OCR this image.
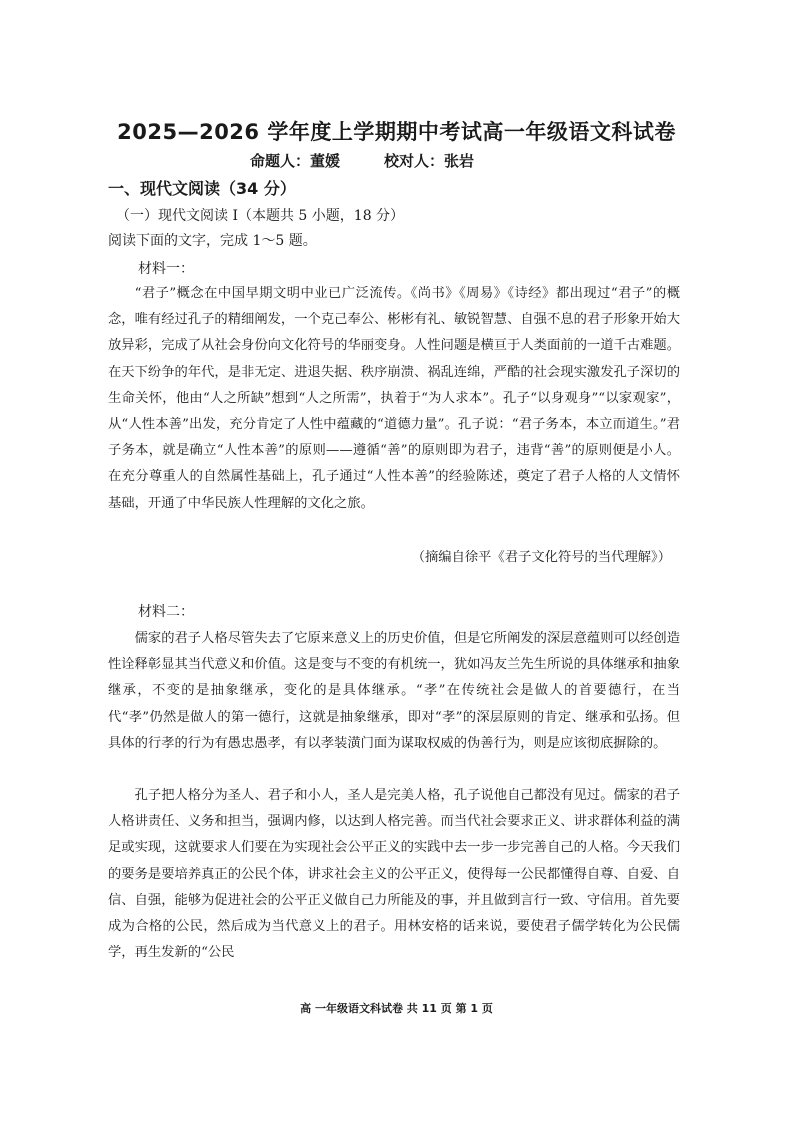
2025—2026 学年度上学期期中考试高一年级语文科试卷
命题人：董媛	校对人：张岩
一、现代文阅读（34 分）
（一）现代文阅读 I（本题共 5 小题，18 分）
阅读下面的文字，完成 1～5 题。
材料一：

“君子”概念在中国早期文明中业已广泛流传。《尚书》《周易》《诗经》都出现过“君子”的概念，唯有经过孔子的精细阐发，一个克己奉公、彬彬有礼、敏锐智慧、自强不息的君子形象开始大放异彩，完成了从社会身份向文化符号的华丽变身。人性问题是横亘于人类面前的一道千古难题。在天下纷争的年代，是非无定、进退失据、秩序崩溃、祸乱连绵，严酷的社会现实激发孔子深切的生命关怀，他由“人之所缺”想到“人之所需”，执着于“为人求本”。孔子“以身观身”“以家观家”，从“人性本善”出发，充分肯定了人性中蕴藏的“道德力量”。孔子说：“君子务本，本立而道生。”君子务本，就是确立“人性本善”的原则——遵循“善”的原则即为君子，违背“善”的原则便是小人。在充分尊重人的自然属性基础上，孔子通过“人性本善”的经验陈述，奠定了君子人格的人文情怀基础，开通了中华民族人性理解的文化之旅。

（摘编自徐平《君子文化符号的当代理解》）
材料二：

儒家的君子人格尽管失去了它原来意义上的历史价值，但是它所阐发的深层意蕴则可以经创造性诠释彰显其当代意义和价值。这是变与不变的有机统一，犹如冯友兰先生所说的具体继承和抽象继承，不变的是抽象继承，变化的是具体继承。“孝”在传统社会是做人的首要德行，在当代“孝”仍然是做人的第一德行，这就是抽象继承，即对“孝”的深层原则的肯定、继承和弘扬。但具体的行孝的行为有愚忠愚孝，有以孝装潢门面为谋取权威的伪善行为，则是应该彻底摒除的。

孔子把人格分为圣人、君子和小人，圣人是完美人格，孔子说他自己都没有见过。儒家的君子人格讲责任、义务和担当，强调内修，以达到人格完善。而当代社会要求正义、讲求群体利益的满足或实现，这就要求人们要在为实现社会公平正义的实践中去一步一步完善自己的人格。今天我们的要务是要培养真正的公民个体，讲求社会主义的公平正义，使得每一公民都懂得自尊、自爱、自信、自强，能够为促进社会的公平正义做自己力所能及的事，并且做到言行一致、守信用。首先要成为合格的公民，然后成为当代意义上的君子。用林安格的话来说，要使君子儒学转化为公民儒学，再生发新的“公民

高 一年级语文科试卷 共 11 页 第 1 页
